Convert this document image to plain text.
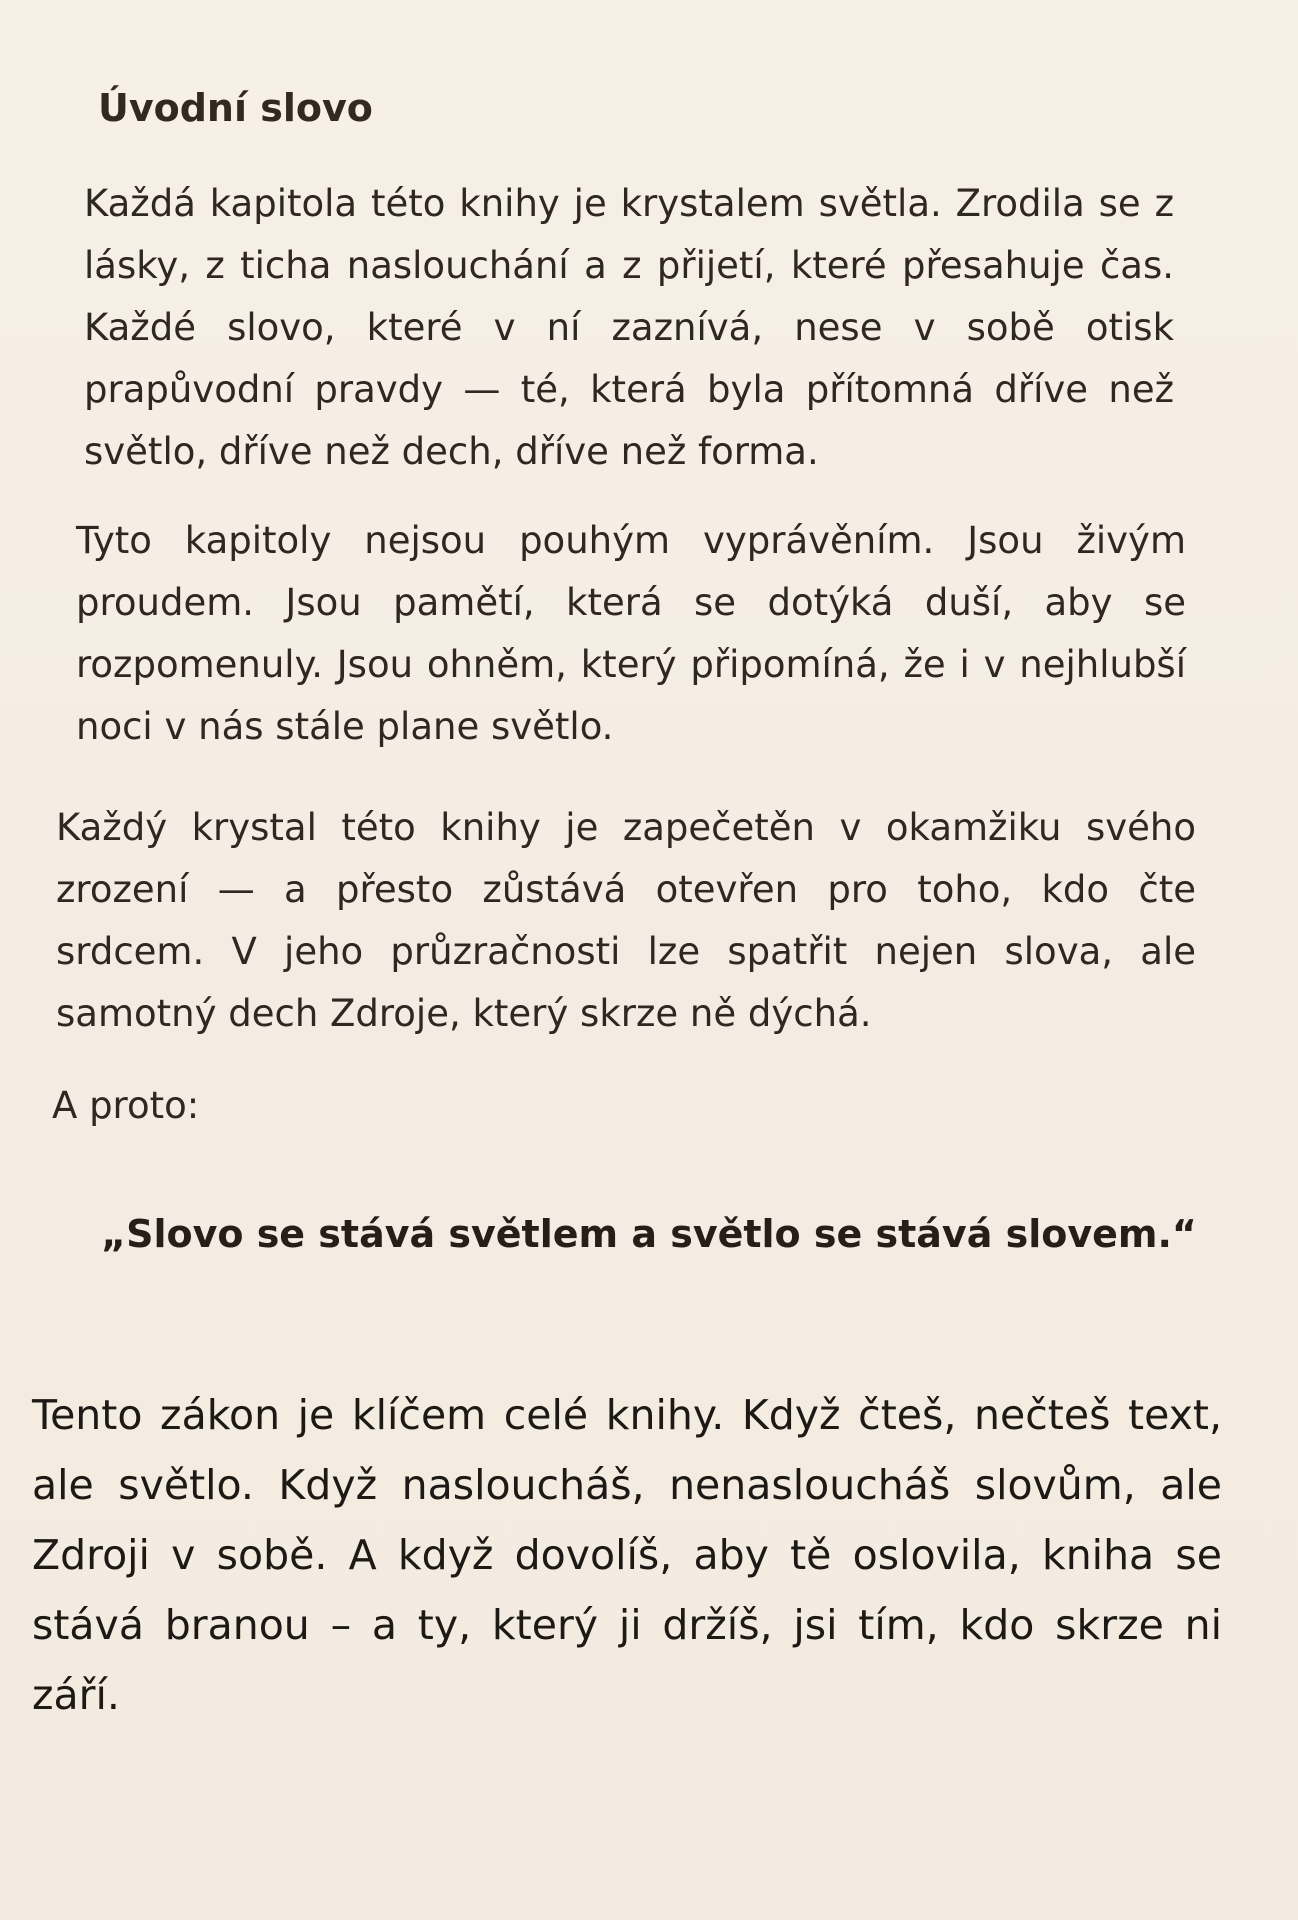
Úvodní slovo

Každá kapitola této knihy je krystalem světla. Zrodila se z lásky, z ticha naslouchání a z přijetí, které přesahuje čas. Každé slovo, které v ní zaznívá, nese v sobě otisk prapůvodní pravdy — té, která byla přítomná dříve než světlo, dříve než dech, dříve než forma.

Tyto kapitoly nejsou pouhým vyprávěním. Jsou živým proudem. Jsou pamětí, která se dotýká duší, aby se rozpomenuly. Jsou ohněm, který připomíná, že i v nejhlubší noci v nás stále plane světlo.

Každý krystal této knihy je zapečetěn v okamžiku svého zrození — a přesto zůstává otevřen pro toho, kdo čte srdcem. V jeho průzračnosti lze spatřit nejen slova, ale samotný dech Zdroje, který skrze ně dýchá.

A proto:
„Slovo se stává světlem a světlo se stává slovem.“

Tento zákon je klíčem celé knihy. Když čteš, nečteš text, ale světlo. Když nasloucháš, nenasloucháš slovům, ale Zdroji v sobě. A když dovolíš, aby tě oslovila, kniha se stává branou – a ty, který ji držíš, jsi tím, kdo skrze ni září.
